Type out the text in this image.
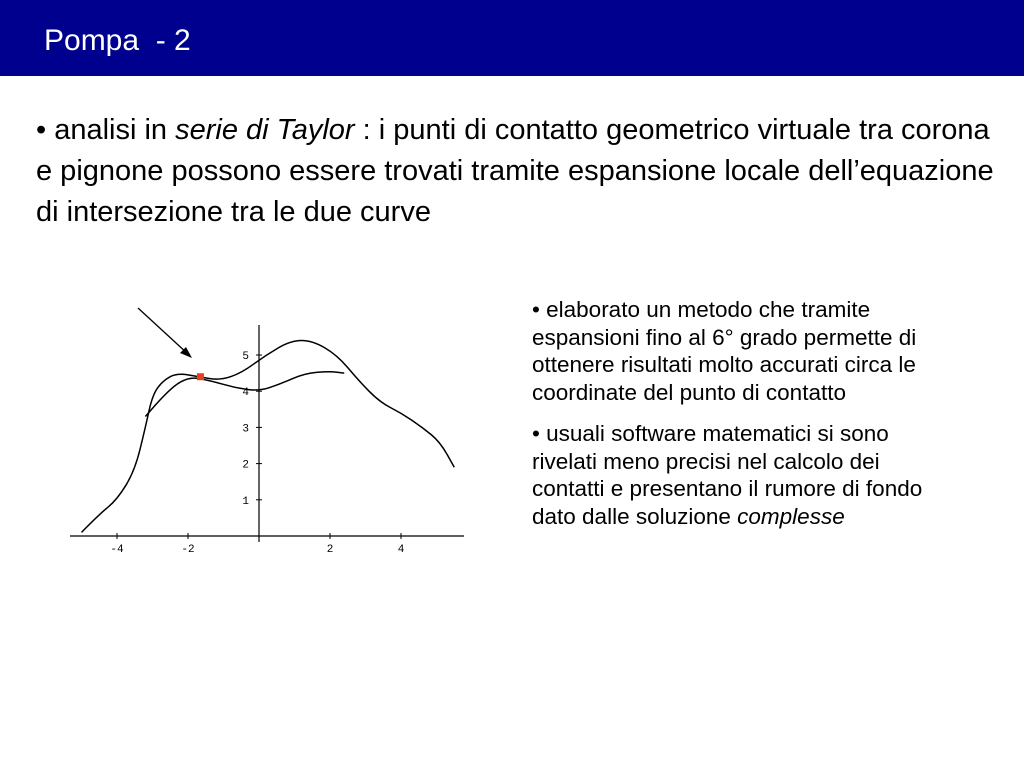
Pompa  - 2
• analisi in serie di Taylor : i punti di contatto geometrico virtuale tra corona e pignone possono essere trovati tramite espansione locale dell’equazione di intersezione tra le due curve
-4	-2	2	4
1
2
3
4
5

• elaborato un metodo che tramite espansioni fino al 6° grado permette di ottenere risultati molto accurati circa le coordinate del punto di contatto

• usuali software matematici si sono rivelati meno precisi nel calcolo dei contatti e presentano il rumore di fondo dato dalle soluzione complesse
